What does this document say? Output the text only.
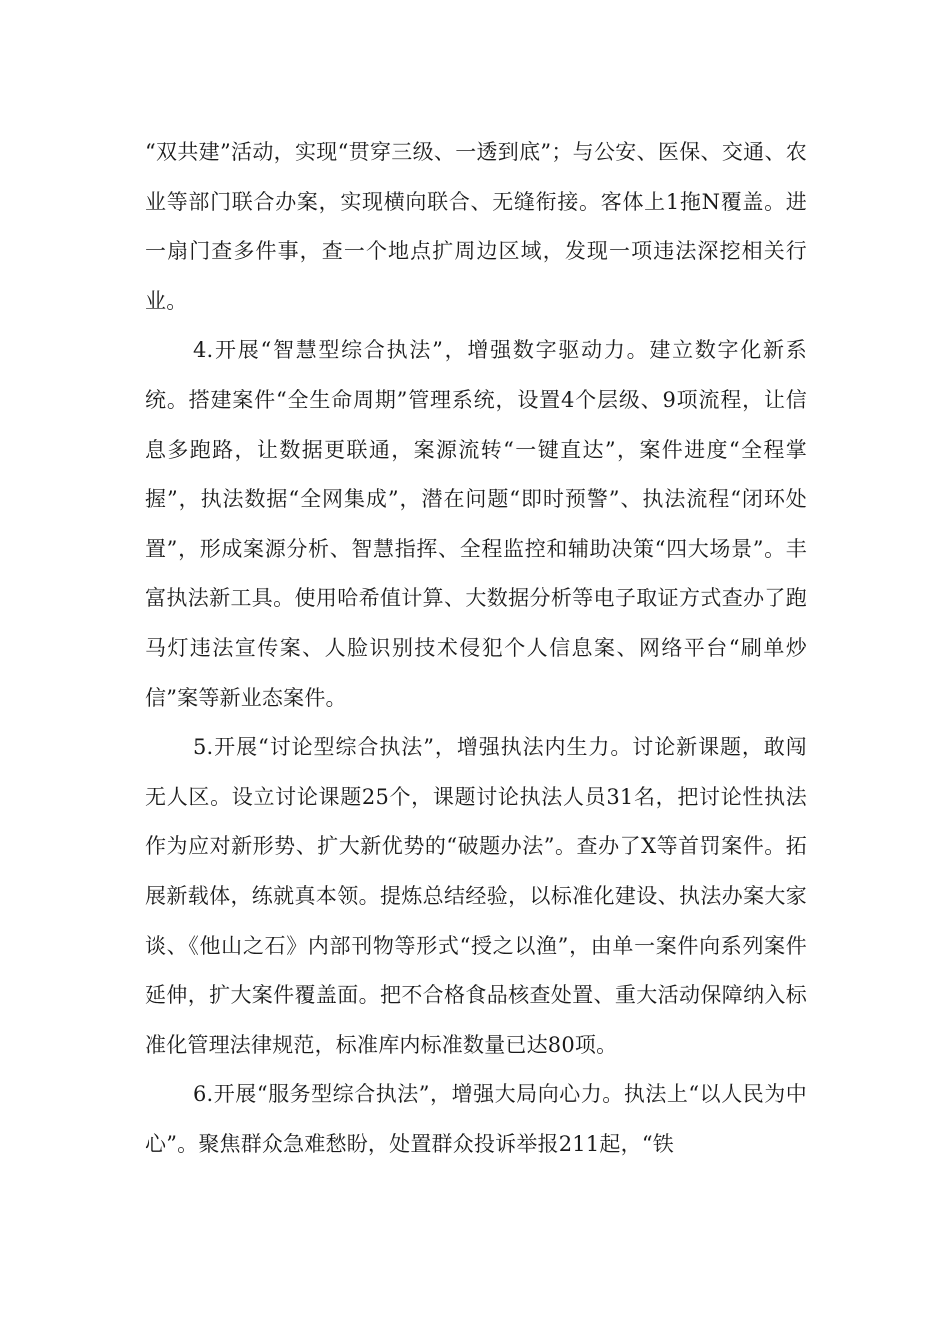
“双共建”活动，实现“贯穿三级、一透到底”；与公安、医保、交通、农业等部门联合办案，实现横向联合、无缝衔接。客体上1拖N覆盖。进一扇门查多件事，查一个地点扩周边区域，发现一项违法深挖相关行业。

4.开展“智慧型综合执法”，增强数字驱动力。建立数字化新系统。搭建案件“全生命周期”管理系统，设置4个层级、9项流程，让信息多跑路，让数据更联通，案源流转“一键直达”，案件进度“全程掌握”，执法数据“全网集成”，潜在问题“即时预警”、执法流程“闭环处置”，形成案源分析、智慧指挥、全程监控和辅助决策“四大场景”。丰富执法新工具。使用哈希值计算、大数据分析等电子取证方式查办了跑马灯违法宣传案、人脸识别技术侵犯个人信息案、网络平台“刷单炒信”案等新业态案件。

5.开展“讨论型综合执法”，增强执法内生力。讨论新课题，敢闯无人区。设立讨论课题25个，课题讨论执法人员31名，把讨论性执法作为应对新形势、扩大新优势的“破题办法”。查办了X等首罚案件。拓展新载体，练就真本领。提炼总结经验，以标准化建设、执法办案大家谈、《他山之石》内部刊物等形式“授之以渔”，由单一案件向系列案件延伸，扩大案件覆盖面。把不合格食品核查处置、重大活动保障纳入标准化管理法律规范，标准库内标准数量已达80项。

6.开展“服务型综合执法”，增强大局向心力。执法上“以人民为中心”。聚焦群众急难愁盼，处置群众投诉举报211起，“铁
